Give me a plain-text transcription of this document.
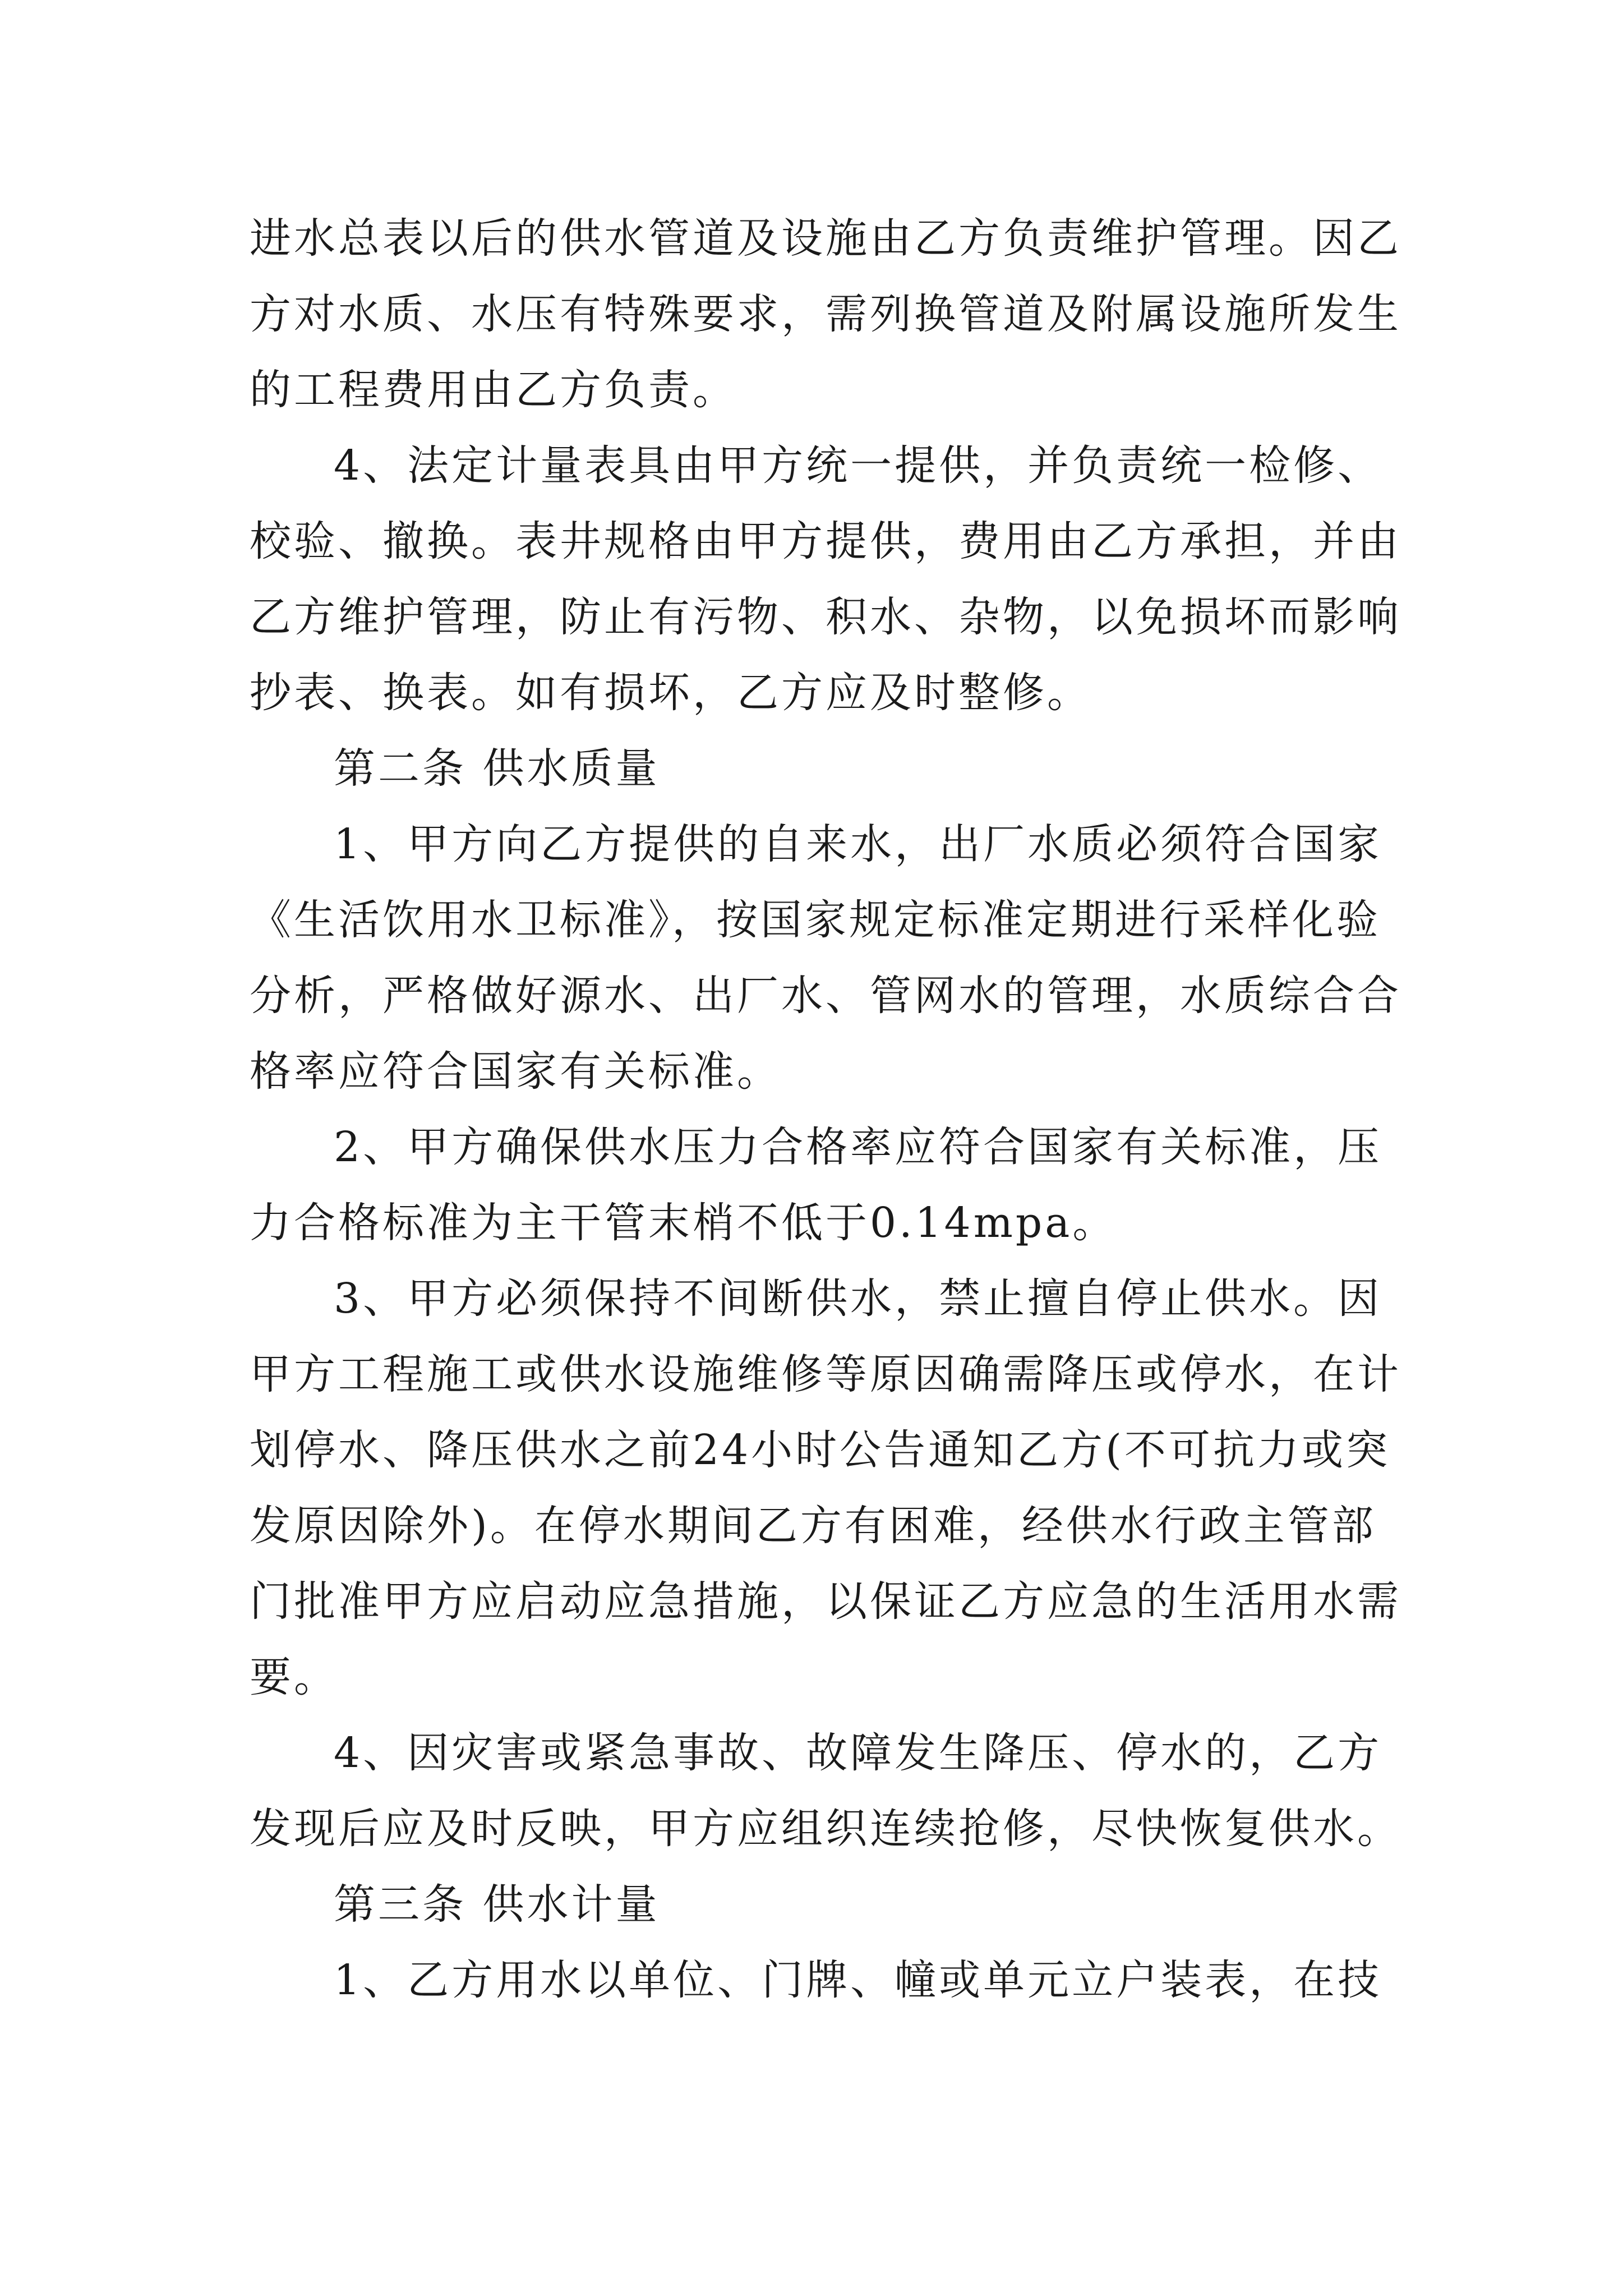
进水总表以后的供水管道及设施由乙方负责维护管理。因乙
方对水质、水压有特殊要求，需列换管道及附属设施所发生
的工程费用由乙方负责。
4、法定计量表具由甲方统一提供，并负责统一检修、
校验、撤换。表井规格由甲方提供，费用由乙方承担，并由
乙方维护管理，防止有污物、积水、杂物，以免损坏而影响
抄表、换表。如有损坏，乙方应及时整修。
第二条 供水质量
1、甲方向乙方提供的自来水，出厂水质必须符合国家
《生活饮用水卫标准》，按国家规定标准定期进行采样化验
分析，严格做好源水、出厂水、管网水的管理，水质综合合
格率应符合国家有关标准。
2、甲方确保供水压力合格率应符合国家有关标准，压
力合格标准为主干管末梢不低于0.14mpa。
3、甲方必须保持不间断供水，禁止擅自停止供水。因
甲方工程施工或供水设施维修等原因确需降压或停水，在计
划停水、降压供水之前24小时公告通知乙方(不可抗力或突
发原因除外)。在停水期间乙方有困难，经供水行政主管部
门批准甲方应启动应急措施，以保证乙方应急的生活用水需
要。
4、因灾害或紧急事故、故障发生降压、停水的，乙方
发现后应及时反映，甲方应组织连续抢修，尽快恢复供水。
第三条 供水计量
1、乙方用水以单位、门牌、幢或单元立户装表，在技
